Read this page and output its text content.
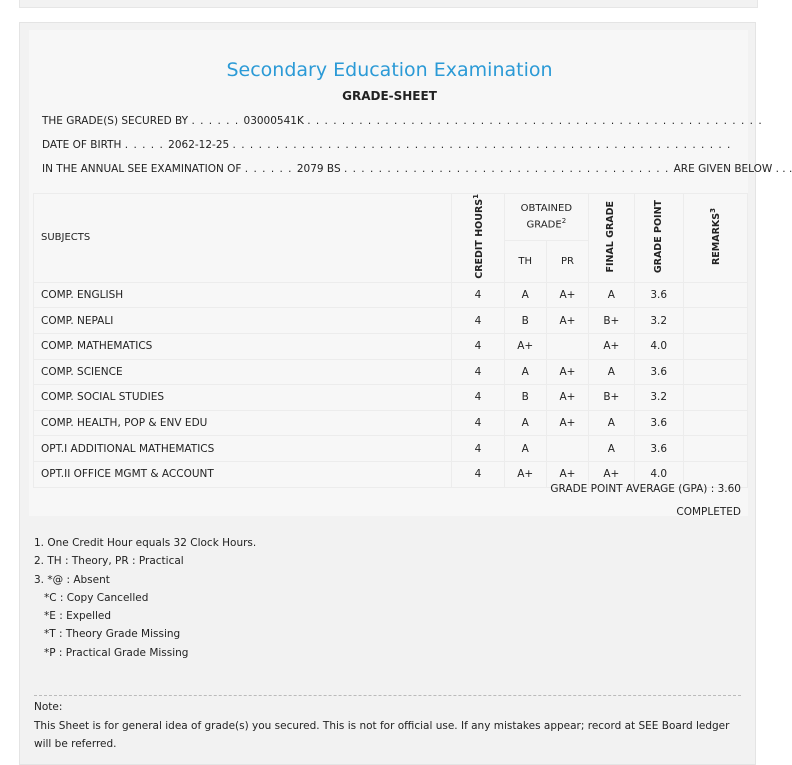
Secondary Education Examination
GRADE-SHEET
THE GRADE(S) SECURED BY . . . . . . 03000541K . . . . . . . . . . . . . . . . . . . . . . . . . . . . . . . . . . . . . . . . . . . . . . . . . . . . .
DATE OF BIRTH . . . . . 2062-12-25 . . . . . . . . . . . . . . . . . . . . . . . . . . . . . . . . . . . . . . . . . . . . . . . . . . . . . . . . . .
IN THE ANNUAL SEE EXAMINATION OF . . . . . . 2079 BS . . . . . . . . . . . . . . . . . . . . . . . . . . . . . . . . . . . . . . ARE GIVEN BELOW . . .
SUBJECTS	CREDIT HOURS$^1$	OBTAINED GRADE$^2$		FINAL GRADE	GRADE POINT	REMARKS$^3$
		TH	PR			
COMP. ENGLISH	4	A	A+	A	3.6	
COMP. NEPALI	4	B	A+	B+	3.2	
COMP. MATHEMATICS	4	A+		A+	4.0	
COMP. SCIENCE	4	A	A+	A	3.6	
COMP. SOCIAL STUDIES	4	B	A+	B+	3.2	
COMP. HEALTH, POP & ENV EDU	4	A	A+	A	3.6	
OPT.I ADDITIONAL MATHEMATICS	4	A		A	3.6	
OPT.II OFFICE MGMT & ACCOUNT	4	A+	A+	A+	4.0	
GRADE POINT AVERAGE (GPA) : 3.60
COMPLETED
1. One Credit Hour equals 32 Clock Hours.
2. TH : Theory, PR : Practical
3. *@ : Absent
*C : Copy Cancelled
*E : Expelled
*T : Theory Grade Missing
*P : Practical Grade Missing
Note:
This Sheet is for general idea of grade(s) you secured. This is not for official use. If any mistakes appear; record at SEE Board ledger will be referred.
